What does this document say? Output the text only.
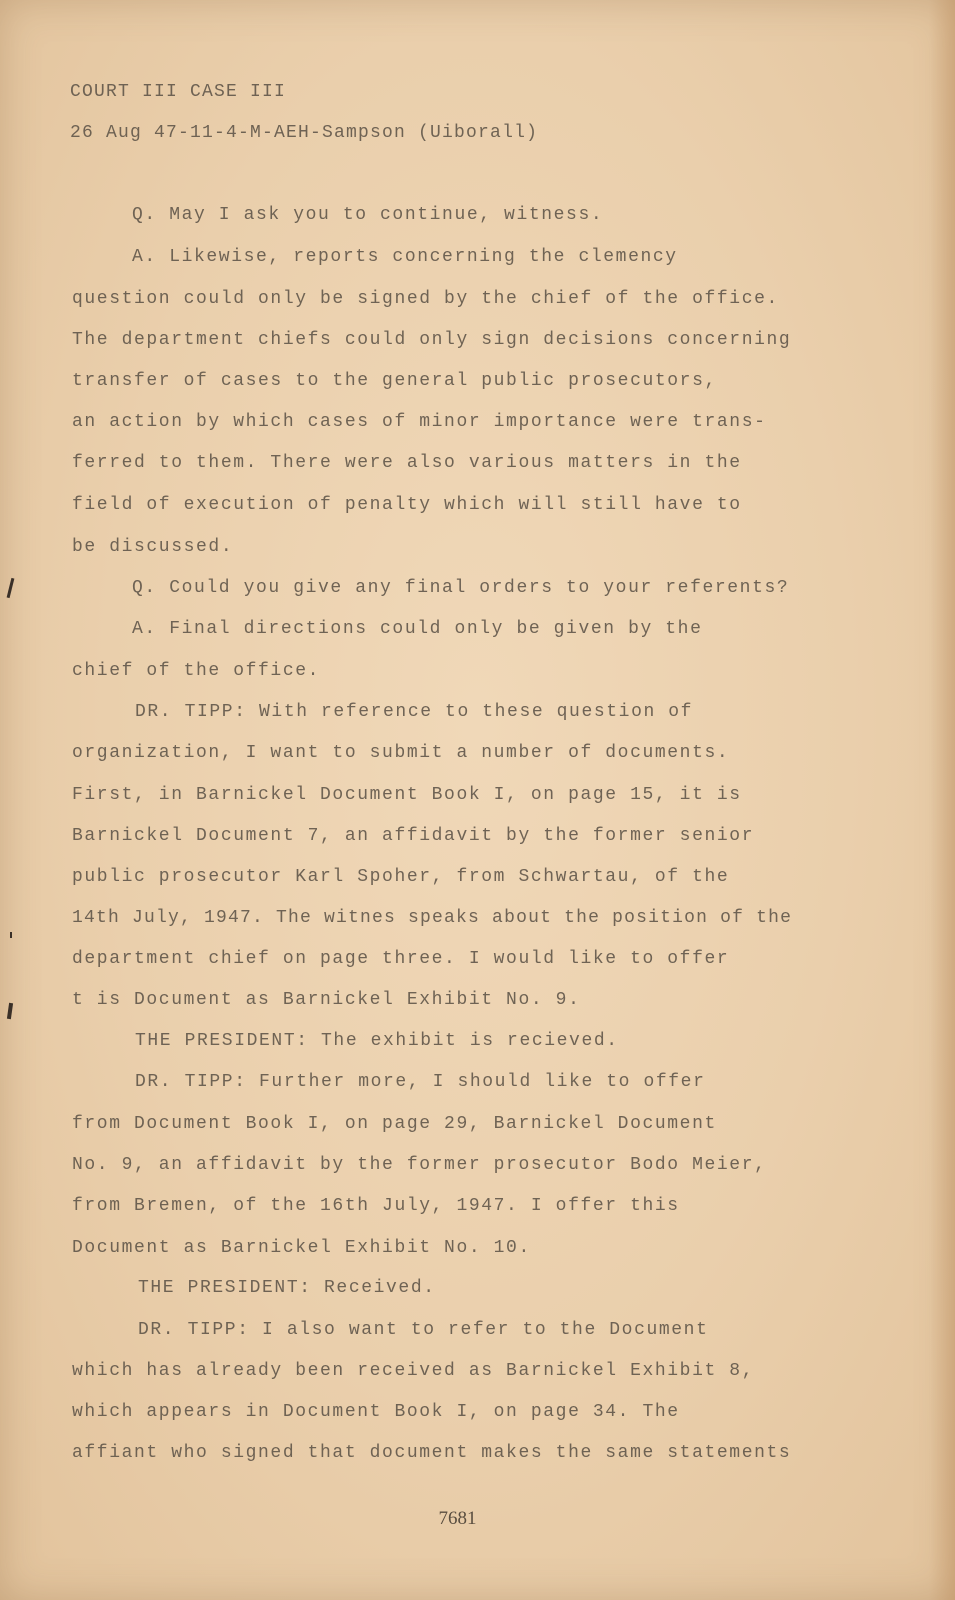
COURT III CASE III
26 Aug 47-11-4-M-AEH-Sampson (Uiborall)
Q. May I ask you to continue, witness.
A. Likewise, reports concerning the clemency
question could only be signed by the chief of the office.
The department chiefs could only sign decisions concerning
transfer of cases to the general public prosecutors,
an action by which cases of minor importance were trans-
ferred to them. There were also various matters in the
field of execution of penalty which will still have to
be discussed.
Q. Could you give any final orders to your referents?
A. Final directions could only be given by the
chief of the office.
DR. TIPP: With reference to these question of
organization, I want to submit a number of documents.
First, in Barnickel Document Book I, on page 15, it is
Barnickel Document 7, an affidavit by the former senior
public prosecutor Karl Spoher, from Schwartau, of the
14th July, 1947. The witnes speaks about the position of the
department chief on page three. I would like to offer
t is Document as Barnickel Exhibit No. 9.
THE PRESIDENT: The exhibit is recieved.
DR. TIPP: Further more, I should like to offer
from Document Book I, on page 29, Barnickel Document
No. 9, an affidavit by the former prosecutor Bodo Meier,
from Bremen, of the 16th July, 1947. I offer this
Document as Barnickel Exhibit No. 10.
THE PRESIDENT: Received.
DR. TIPP: I also want to refer to the Document
which has already been received as Barnickel Exhibit 8,
which appears in Document Book I, on page 34. The
affiant who signed that document makes the same statements
7681
